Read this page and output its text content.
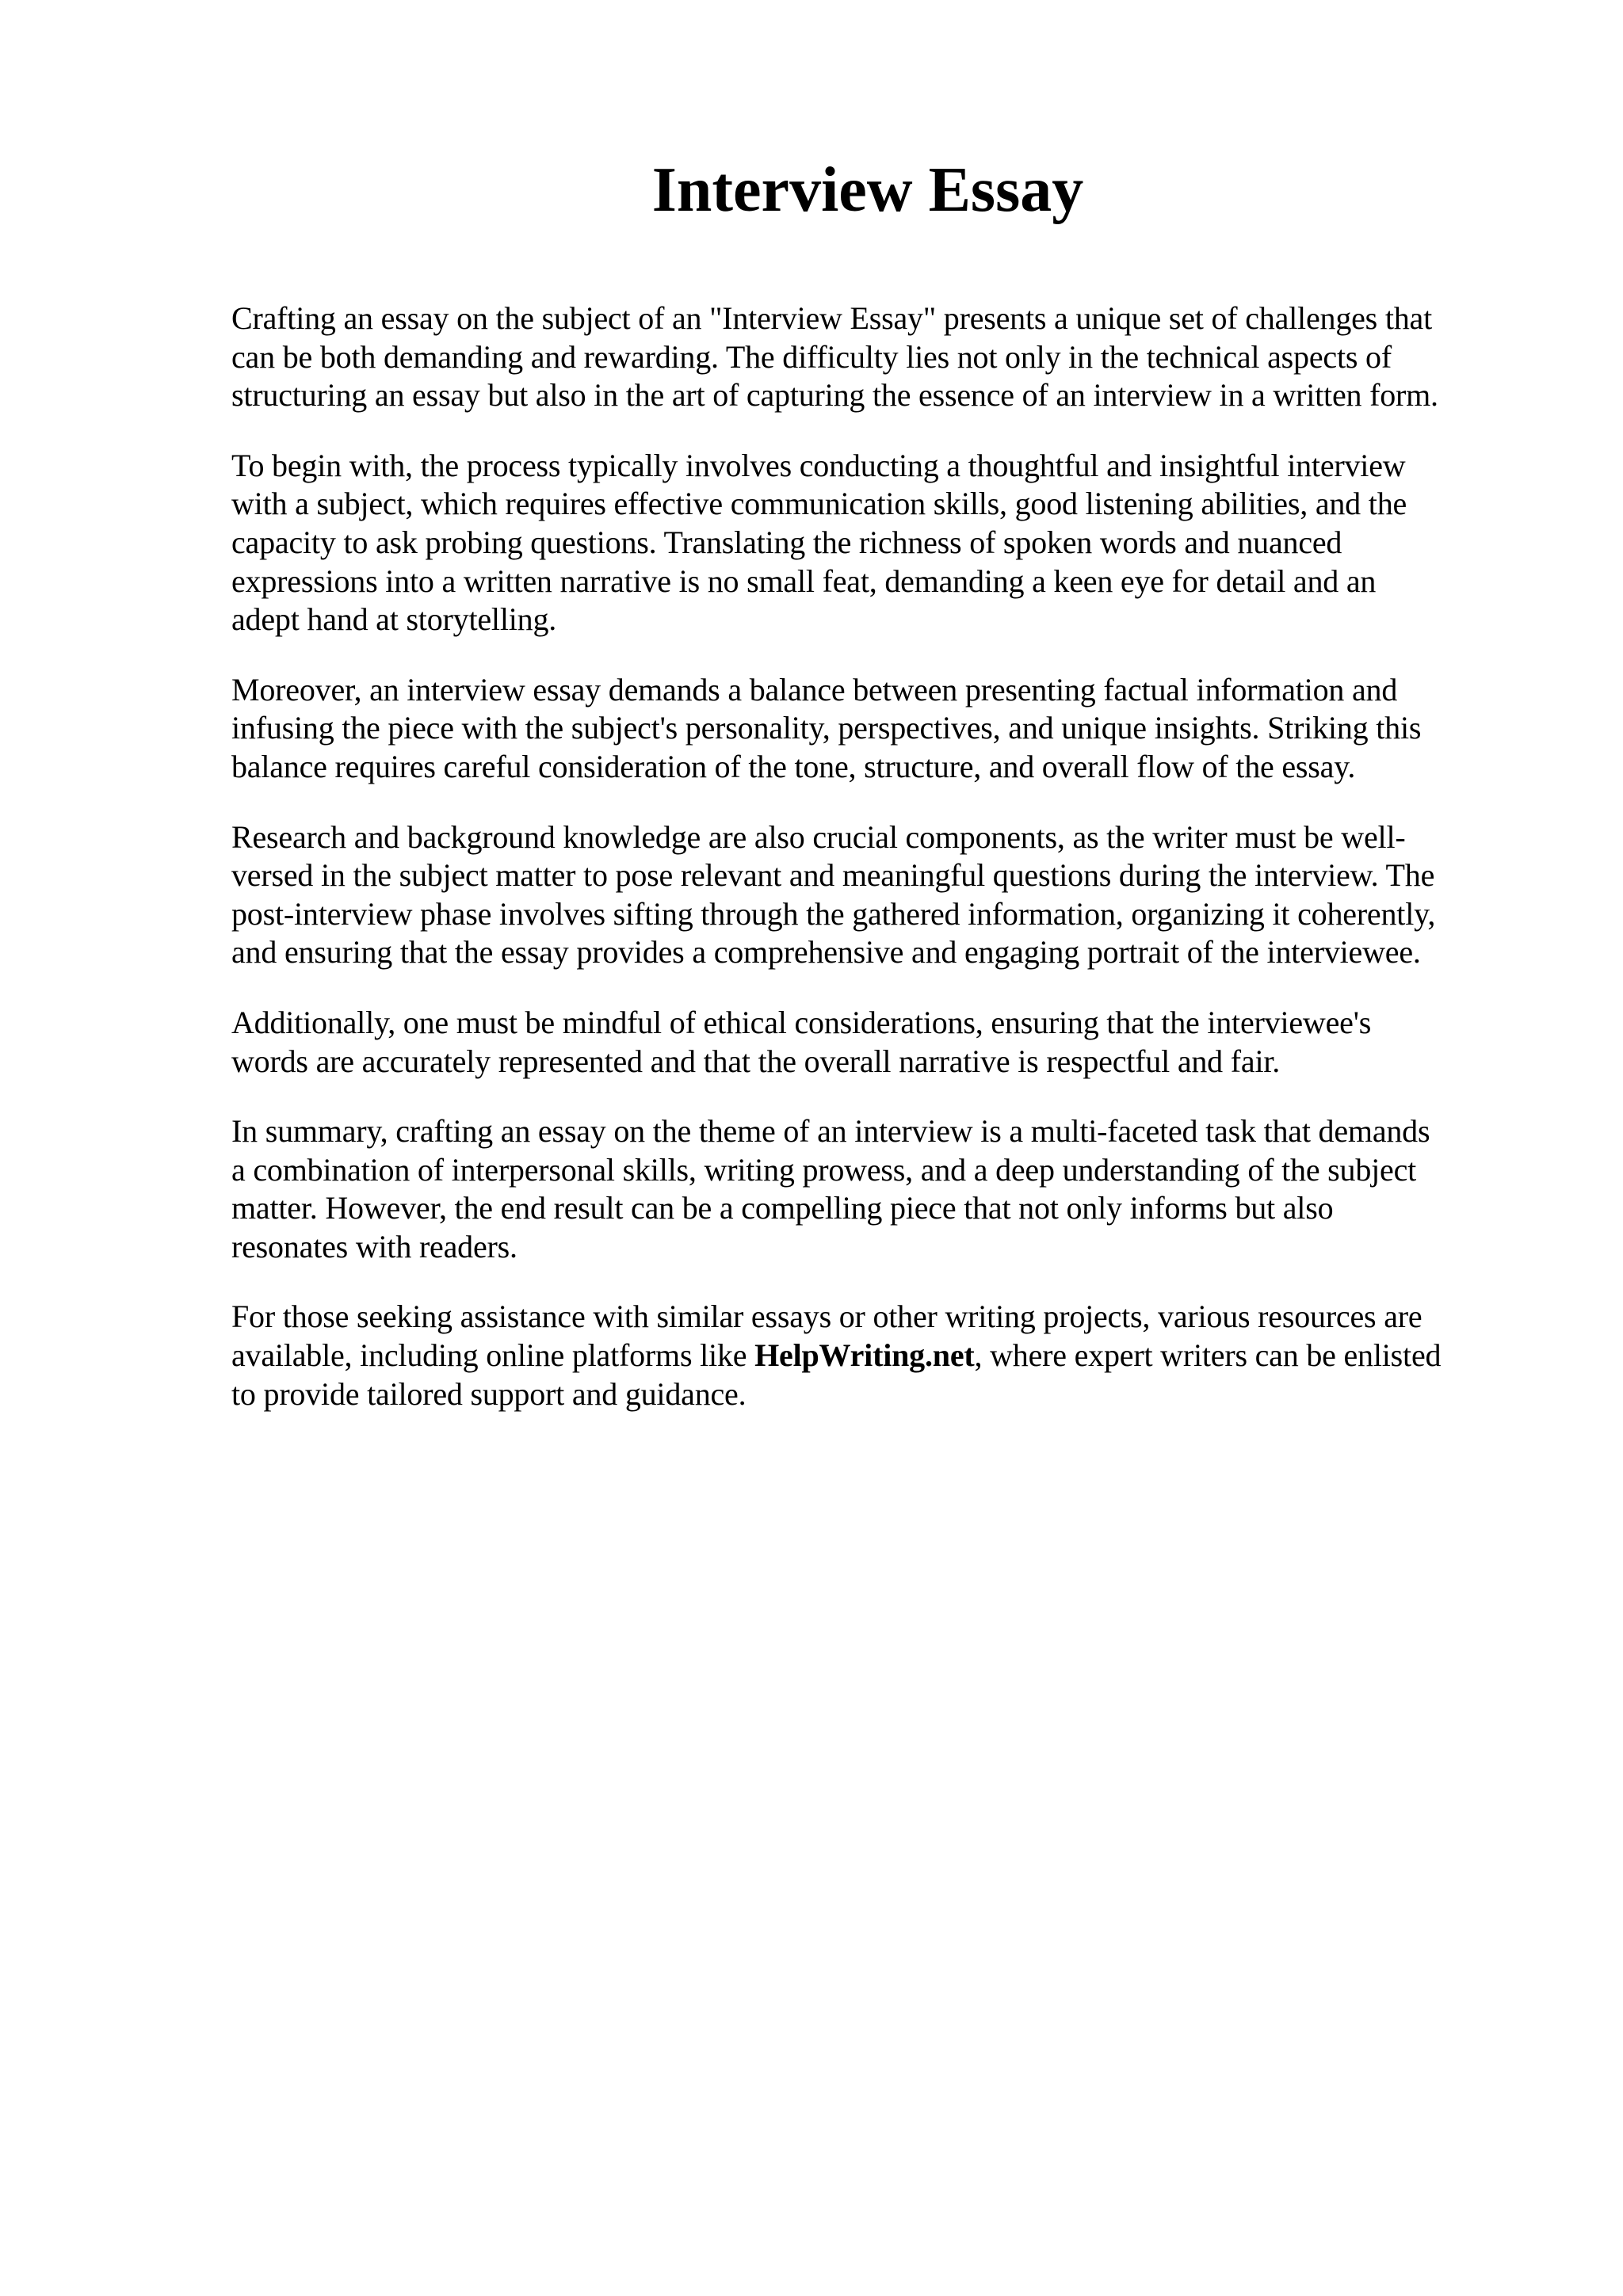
Interview Essay

Crafting an essay on the subject of an "Interview Essay" presents a unique set of challenges that
can be both demanding and rewarding. The difficulty lies not only in the technical aspects of
structuring an essay but also in the art of capturing the essence of an interview in a written form.

To begin with, the process typically involves conducting a thoughtful and insightful interview
with a subject, which requires effective communication skills, good listening abilities, and the
capacity to ask probing questions. Translating the richness of spoken words and nuanced
expressions into a written narrative is no small feat, demanding a keen eye for detail and an
adept hand at storytelling.

Moreover, an interview essay demands a balance between presenting factual information and
infusing the piece with the subject's personality, perspectives, and unique insights. Striking this
balance requires careful consideration of the tone, structure, and overall flow of the essay.

Research and background knowledge are also crucial components, as the writer must be well-
versed in the subject matter to pose relevant and meaningful questions during the interview. The
post-interview phase involves sifting through the gathered information, organizing it coherently,
and ensuring that the essay provides a comprehensive and engaging portrait of the interviewee.

Additionally, one must be mindful of ethical considerations, ensuring that the interviewee's
words are accurately represented and that the overall narrative is respectful and fair.

In summary, crafting an essay on the theme of an interview is a multi-faceted task that demands
a combination of interpersonal skills, writing prowess, and a deep understanding of the subject
matter. However, the end result can be a compelling piece that not only informs but also
resonates with readers.

For those seeking assistance with similar essays or other writing projects, various resources are
available, including online platforms like HelpWriting.net, where expert writers can be enlisted
to provide tailored support and guidance.
